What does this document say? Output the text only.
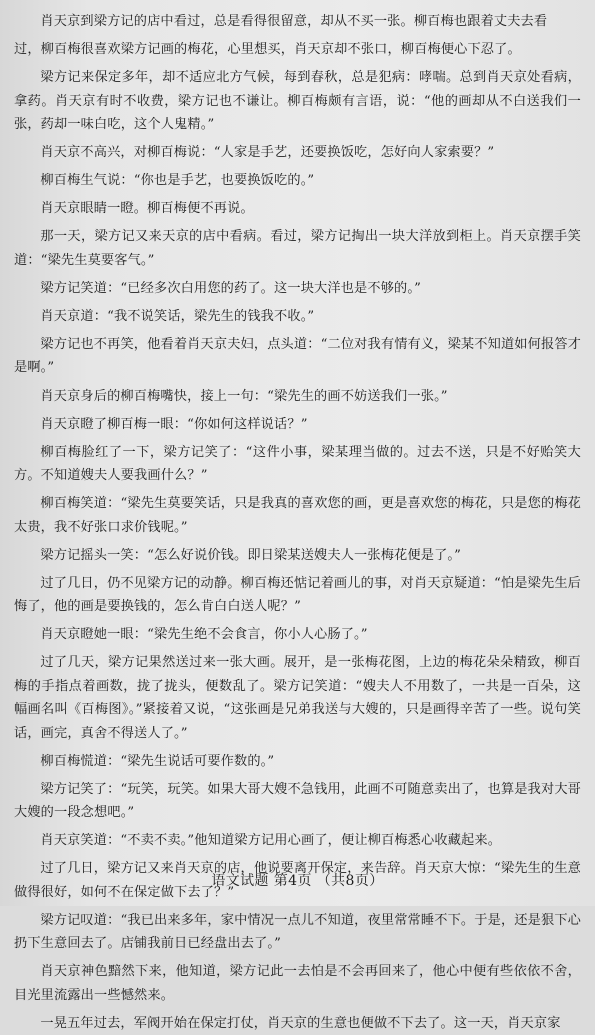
肖天京到梁方记的店中看过，总是看得很留意，却从不买一张。柳百梅也跟着丈夫去看

过，柳百梅很喜欢梁方记画的梅花，心里想买，肖天京却不张口，柳百梅便心下忍了。

梁方记来保定多年，却不适应北方气候，每到春秋，总是犯病：哮喘。总到肖天京处看病，拿药。肖天京有时不收费，梁方记也不谦让。柳百梅颇有言语，说：“他的画却从不白送我们一张，药却一味白吃，这个人鬼精。”

肖天京不高兴，对柳百梅说：“人家是手艺，还要换饭吃，怎好向人家索要？”

柳百梅生气说：“你也是手艺，也要换饭吃的。”

肖天京眼睛一瞪。柳百梅便不再说。

那一天，梁方记又来天京的店中看病。看过，梁方记掏出一块大洋放到柜上。肖天京摆手笑道：“梁先生莫要客气。”

梁方记笑道：“已经多次白用您的药了。这一块大洋也是不够的。”

肖天京道：“我不说笑话，梁先生的钱我不收。”

梁方记也不再笑，他看着肖天京夫妇，点头道：“二位对我有情有义，梁某不知道如何报答才是啊。”

肖天京身后的柳百梅嘴快，接上一句：“梁先生的画不妨送我们一张。”

肖天京瞪了柳百梅一眼：“你如何这样说话？”

柳百梅脸红了一下，梁方记笑了：“这件小事，梁某理当做的。过去不送，只是不好贻笑大方。不知道嫂夫人要我画什么？”

柳百梅笑道：“梁先生莫要笑话，只是我真的喜欢您的画，更是喜欢您的梅花，只是您的梅花太贵，我不好张口求价钱呢。”

梁方记摇头一笑：“怎么好说价钱。即日梁某送嫂夫人一张梅花便是了。”

过了几日，仍不见梁方记的动静。柳百梅还惦记着画儿的事，对肖天京疑道：“怕是梁先生后悔了，他的画是要换钱的，怎么肯白白送人呢？”

肖天京瞪她一眼：“梁先生绝不会食言，你小人心肠了。”

过了几天，梁方记果然送过来一张大画。展开，是一张梅花图，上边的梅花朵朵精致，柳百梅的手指点着画数，拢了拢头，便数乱了。梁方记笑道：“嫂夫人不用数了，一共是一百朵，这幅画名叫《百梅图》。”紧接着又说，“这张画是兄弟我送与大嫂的，只是画得辛苦了一些。说句笑话，画完，真舍不得送人了。”

柳百梅慌道：“梁先生说话可要作数的。”

梁方记笑了：“玩笑，玩笑。如果大哥大嫂不急钱用，此画不可随意卖出了，也算是我对大哥大嫂的一段念想吧。”

肖天京笑道：“不卖不卖。”他知道梁方记用心画了，便让柳百梅悉心收藏起来。

过了几日，梁方记又来肖天京的店，他说要离开保定，来告辞。肖天京大惊：“梁先生的生意做得很好，如何不在保定做下去了？”

梁方记叹道：“我已出来多年，家中情况一点儿不知道，夜里常常睡不下。于是，还是狠下心扔下生意回去了。店铺我前日已经盘出去了。”

肖天京神色黯然下来，他知道，梁方记此一去怕是不会再回来了，他心中便有些依依不舍，目光里流露出一些憾然来。

一晃五年过去，军阀开始在保定打仗，肖天京的生意也便做不下去了。这一天，肖天京家

语文试题 第4页 （共8页）
